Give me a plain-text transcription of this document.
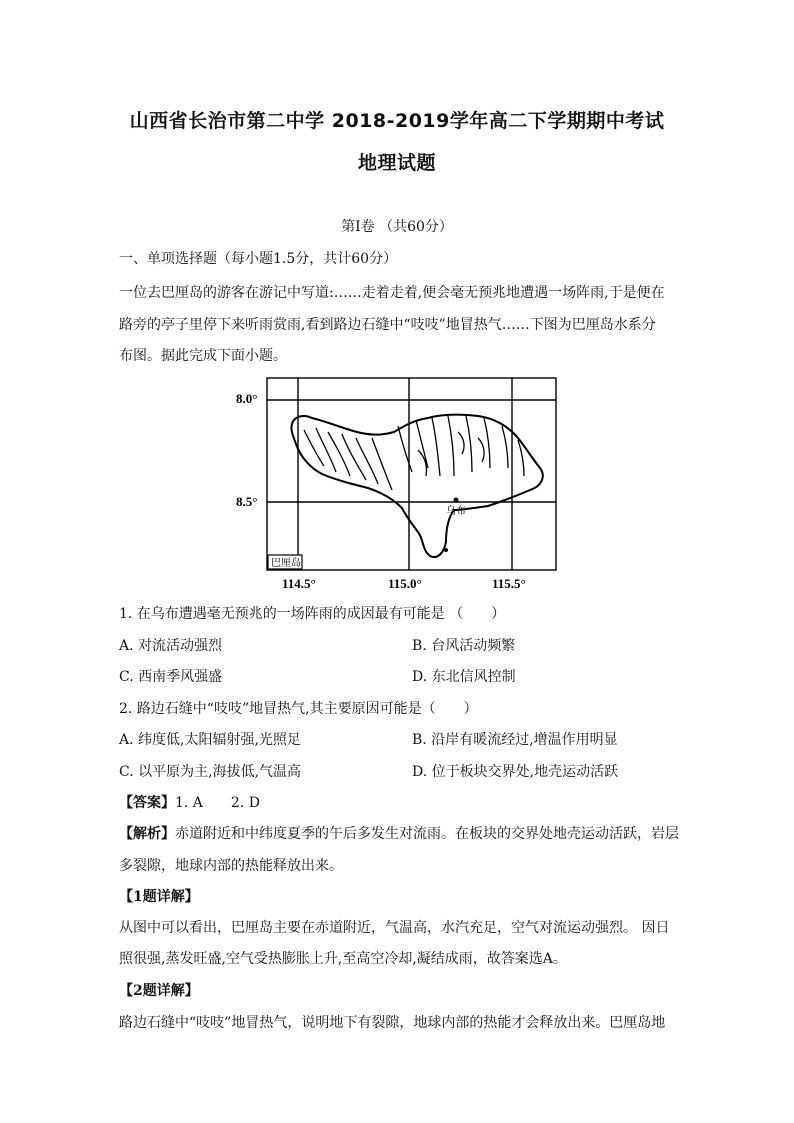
山西省长治市第二中学 2018-2019学年高二下学期期中考试
地理试题
第I卷 （共60分）
一、单项选择题（每小题1.5分，共计60分）
一位去巴厘岛的游客在游记中写道:……走着走着,便会毫无预兆地遭遇一场阵雨,于是便在
路旁的亭子里停下来听雨赏雨,看到路边石缝中“吱吱”地冒热气……下图为巴厘岛水系分
布图。据此完成下面小题。
8.0°
8.5°
114.5°	115.0°	115.5°
乌布
巴厘岛
1. 在乌布遭遇毫无预兆的一场阵雨的成因最有可能是 （　　）
A. 对流活动强烈	B. 台风活动频繁
C. 西南季风强盛	D. 东北信风控制
2. 路边石缝中“吱吱”地冒热气,其主要原因可能是（　　）
A. 纬度低,太阳辐射强,光照足	B. 沿岸有暖流经过,增温作用明显
C. 以平原为主,海拔低,气温高	D. 位于板块交界处,地壳运动活跃
【答案】1. A　　2. D
【解析】赤道附近和中纬度夏季的午后多发生对流雨。在板块的交界处地壳运动活跃，岩层
多裂隙，地球内部的热能释放出来。
【1题详解】
从图中可以看出，巴厘岛主要在赤道附近，气温高，水汽充足，空气对流运动强烈。 因日
照很强,蒸发旺盛,空气受热膨胀上升,至高空冷却,凝结成雨，故答案选A。
【2题详解】
路边石缝中“吱吱”地冒热气，说明地下有裂隙，地球内部的热能才会释放出来。巴厘岛地
